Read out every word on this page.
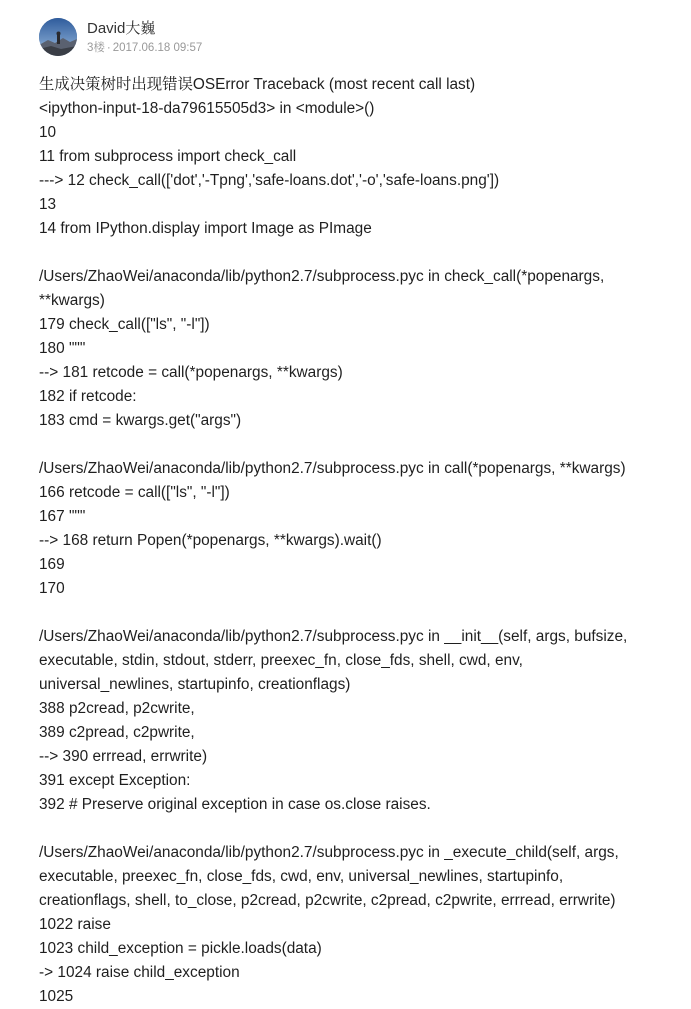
David大巍
3楼 · 2017.06.18 09:57
生成决策树时出现错误OSError Traceback (most recent call last)
<ipython-input-18-da79615505d3> in <module>()
10
11 from subprocess import check_call
---> 12 check_call(['dot','-Tpng','safe-loans.dot','-o','safe-loans.png'])
13
14 from IPython.display import Image as PImage
/Users/ZhaoWei/anaconda/lib/python2.7/subprocess.pyc in check_call(*popenargs,
**kwargs)
179 check_call(["ls", "-l"])
180 """
--> 181 retcode = call(*popenargs, **kwargs)
182 if retcode:
183 cmd = kwargs.get("args")
/Users/ZhaoWei/anaconda/lib/python2.7/subprocess.pyc in call(*popenargs, **kwargs)
166 retcode = call(["ls", "-l"])
167 """
--> 168 return Popen(*popenargs, **kwargs).wait()
169
170
/Users/ZhaoWei/anaconda/lib/python2.7/subprocess.pyc in __init__(self, args, bufsize,
executable, stdin, stdout, stderr, preexec_fn, close_fds, shell, cwd, env,
universal_newlines, startupinfo, creationflags)
388 p2cread, p2cwrite,
389 c2pread, c2pwrite,
--> 390 errread, errwrite)
391 except Exception:
392 # Preserve original exception in case os.close raises.
/Users/ZhaoWei/anaconda/lib/python2.7/subprocess.pyc in _execute_child(self, args,
executable, preexec_fn, close_fds, cwd, env, universal_newlines, startupinfo,
creationflags, shell, to_close, p2cread, p2cwrite, c2pread, c2pwrite, errread, errwrite)
1022 raise
1023 child_exception = pickle.loads(data)
-> 1024 raise child_exception
1025
